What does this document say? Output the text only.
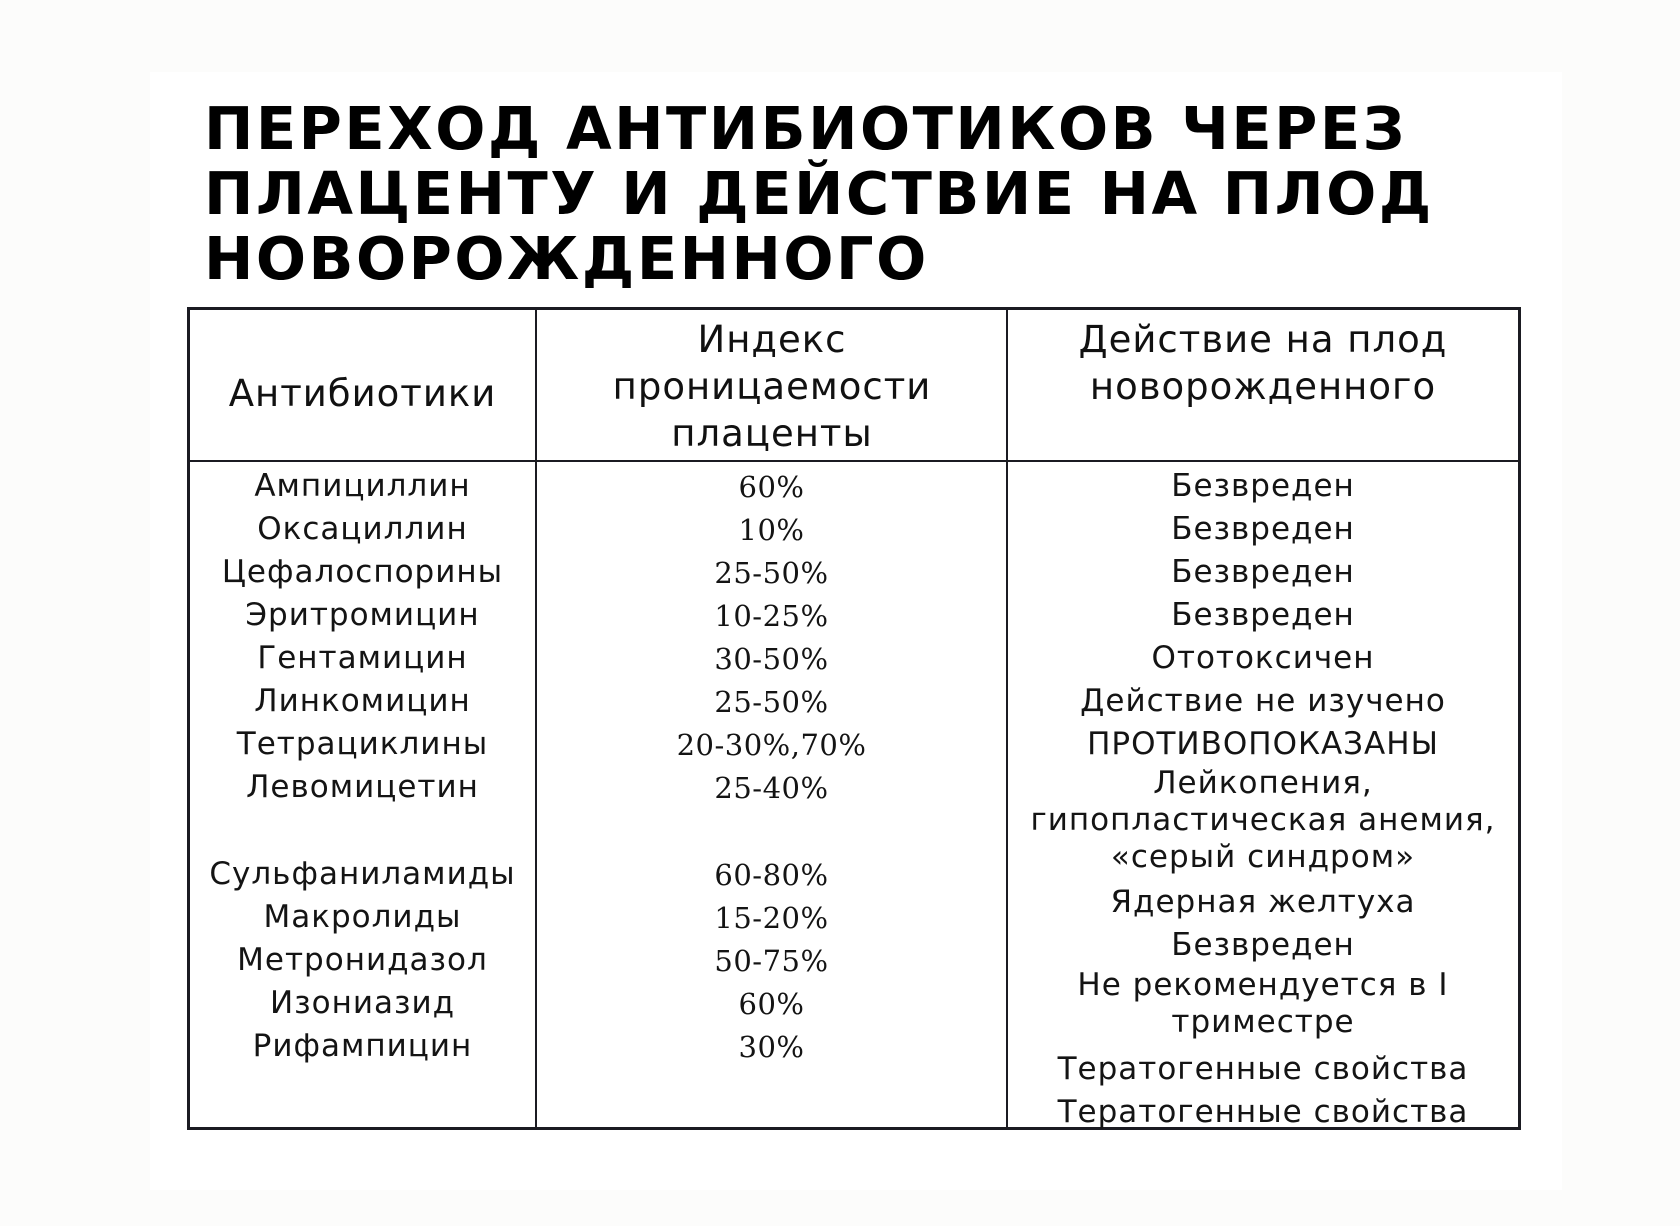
ПЕРЕХОД АНТИБИОТИКОВ ЧЕРЕЗ ПЛАЦЕНТУ И ДЕЙСТВИЕ НА ПЛОД НОВОРОЖДЕННОГО
Антибиотики
Индекс проницаемости плаценты
Действие на плод новорожденного
Ампициллин
Оксациллин
Цефалоспорины
Эритромицин
Гентамицин
Линкомицин
Тетрациклины
Левомицетин
Сульфаниламиды
Макролиды
Метронидазол
Изониазид
Рифампицин
60%
10%
25-50%
10-25%
30-50%
25-50%
20-30%,70%
25-40%
60-80%
15-20%
50-75%
60%
30%
Безвреден
Безвреден
Безвреден
Безвреден
Ототоксичен
Действие не изучено
ПРОТИВОПОКАЗАНЫ
Лейкопения, гипопластическая анемия, «серый синдром»
Ядерная желтуха
Безвреден
Не рекомендуется в I триместре
Тератогенные свойства
Тератогенные свойства
